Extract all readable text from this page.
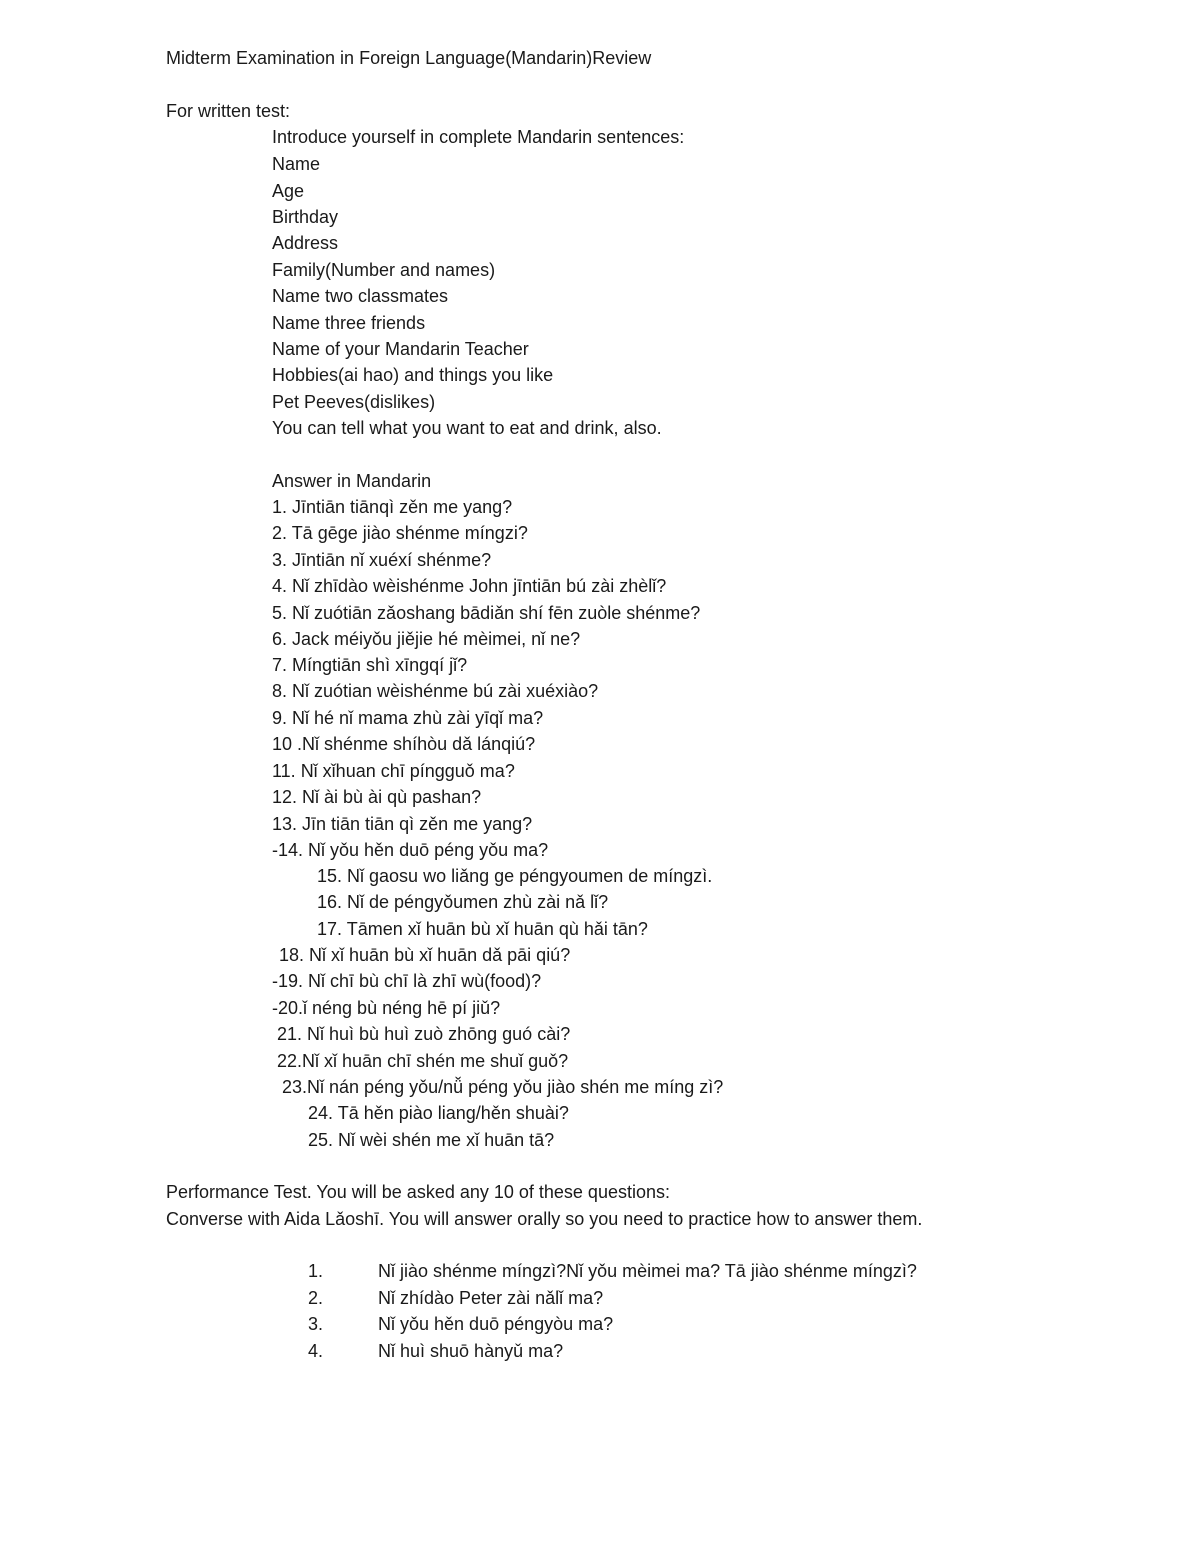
Midterm Examination in Foreign Language(Mandarin)Review
For written test:
Introduce yourself in complete Mandarin sentences:
Name
Age
Birthday
Address
Family(Number and names)
Name two classmates
Name three friends
Name of your Mandarin Teacher
Hobbies(ai hao) and things you like
Pet Peeves(dislikes)
You can tell what you want to eat and drink, also.
Answer in Mandarin
1. Jīntiān tiānqì zěn me yang?
2. Tā gēge jiào shénme míngzi?
3. Jīntiān nǐ xuéxí shénme?
4. Nǐ zhīdào wèishénme John jīntiān bú zài zhèlǐ?
5. Nǐ zuótiān zǎoshang bādiǎn shí fēn zuòle shénme?
6. Jack méiyǒu jiějie hé mèimei, nǐ ne?
7. Míngtiān shì xīngqí jǐ?
8. Nǐ zuótian wèishénme bú zài xuéxiào?
9. Nǐ hé nǐ mama zhù zài yīqǐ ma?
10 .Nǐ shénme shíhòu dǎ lánqiú?
11. Nǐ xǐhuan chī píngguǒ ma?
12. Nǐ ài bù ài qù pashan?
13. Jīn tiān tiān qì zěn me yang?
-14. Nǐ yǒu hěn duō péng yǒu ma?
15. Nǐ gaosu wo liǎng ge péngyoumen de míngzì.
16. Nǐ de péngyǒumen zhù zài nǎ lǐ?
17. Tāmen xǐ huān bù xǐ huān qù hǎi tān?
18. Nǐ xǐ huān bù xǐ huān dǎ pāi qiú?
-19. Nǐ chī bù chī là zhī wù(food)?
-20.ǐ néng bù néng hē pí jiǔ?
21. Nǐ huì bù huì zuò zhōng guó cài?
22.Nǐ xǐ huān chī shén me shuǐ guǒ?
23.Nǐ nán péng yǒu/nǚ péng yǒu jiào shén me míng zì?
24. Tā hěn piào liang/hěn shuài?
25. Nǐ wèi shén me xǐ huān tā?
Performance Test. You will be asked any 10 of these questions:
Converse with Aida Lǎoshī. You will answer orally so you need to practice how to answer them.
1.	Nǐ jiào shénme míngzì?Nǐ yǒu mèimei ma? Tā jiào shénme míngzì?
2.	Nǐ zhídào Peter zài nǎlǐ ma?
3.	Nǐ yǒu hěn duō péngyòu ma?
4.	Nǐ huì shuō hànyǔ ma?
